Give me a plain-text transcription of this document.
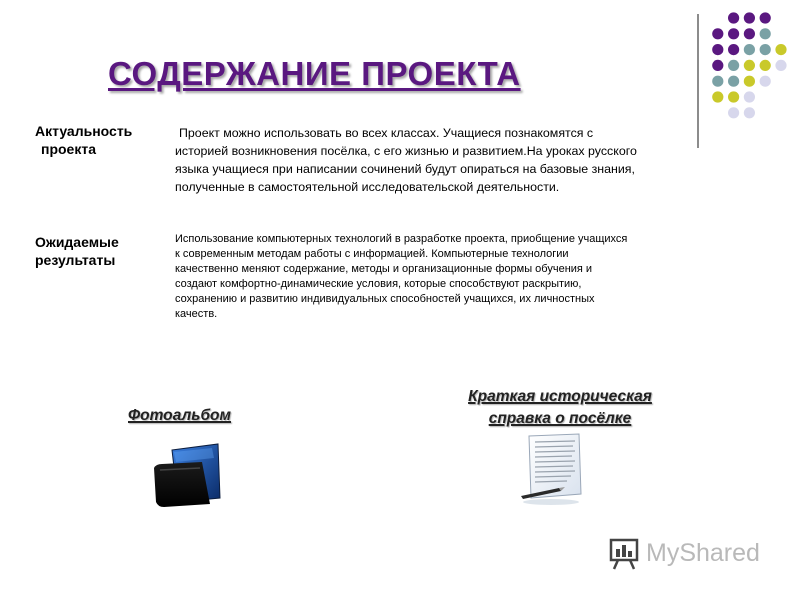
СОДЕРЖАНИЕ ПРОЕКТА
Актуальность
проекта
Проект можно использовать во всех классах. Учащиеся познакомятся с
историей возникновения посёлка, с его жизнью и развитием.На уроках русского
языка учащиеся при написании сочинений будут опираться на базовые знания,
полученные в самостоятельной исследовательской деятельности.
Ожидаемые
результаты
Использование компьютерных технологий в разработке проекта, приобщение учащихся
к современным методам работы с информацией. Компьютерные технологии
качественно меняют содержание, методы и организационные формы обучения и
создают комфортно-динамические условия, которые способствуют раскрытию,
сохранению и развитию индивидуальных способностей учащихся, их личностных
качеств.
Фотоальбом
Краткая историческая
справка о посёлке
MyShared
